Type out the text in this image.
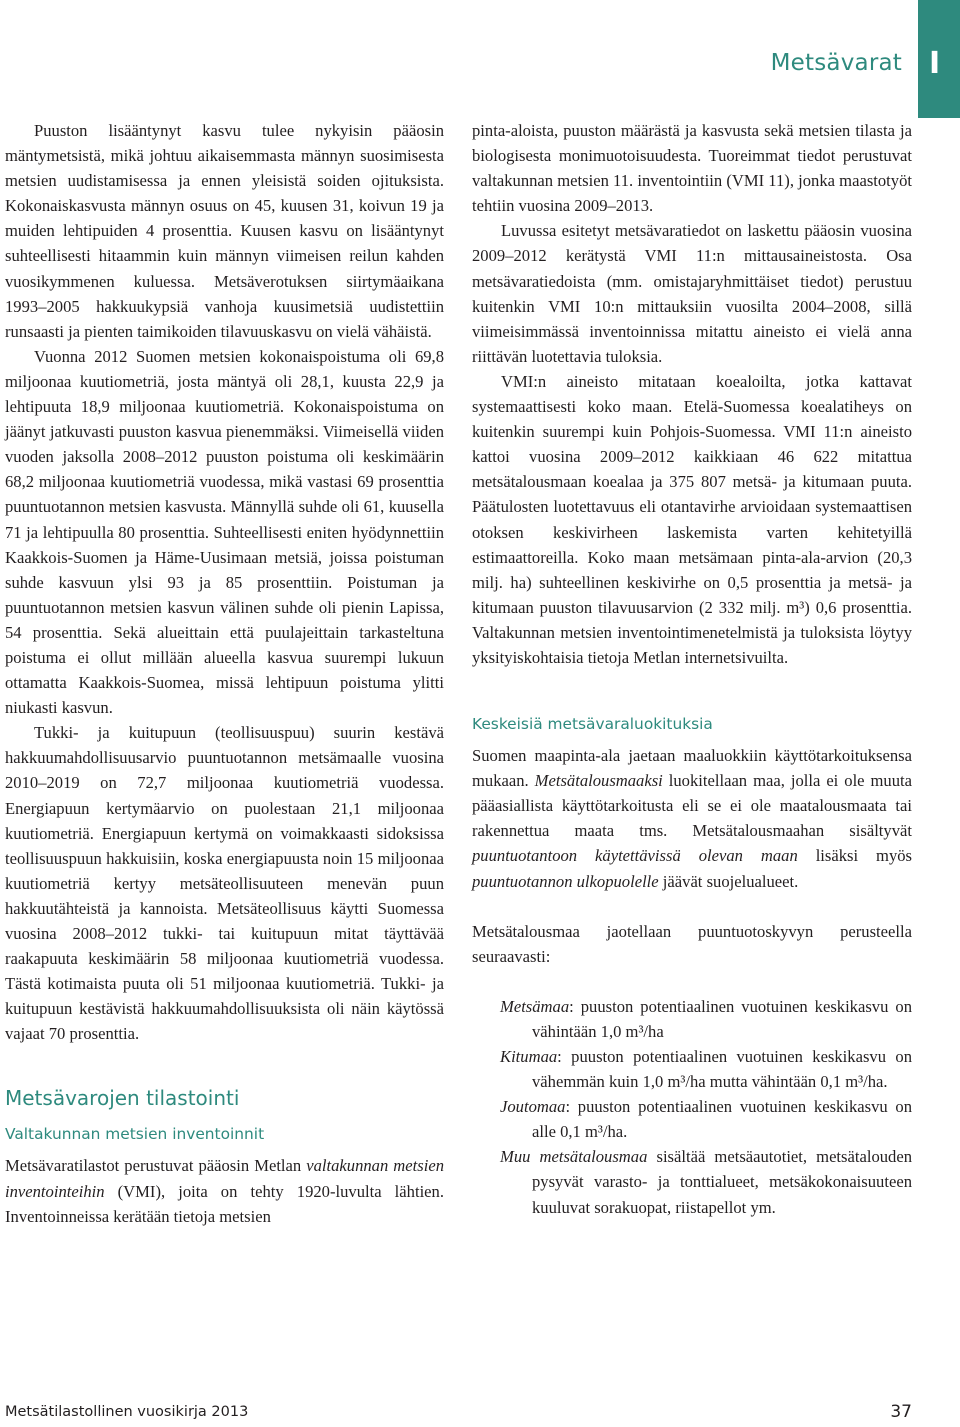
Metsävarat I

Puuston lisääntynyt kasvu tulee nykyisin pääosin mäntymetsistä, mikä johtuu aikaisemmasta männyn suosimisesta metsien uudistamisessa ja ennen yleisistä soiden ojituksista. Kokonaiskasvusta männyn osuus on 45, kuusen 31, koivun 19 ja muiden lehtipuiden 4 prosenttia. Kuusen kasvu on lisääntynyt suhteellisesti hitaammin kuin männyn viimeisen reilun kahden vuosikymmenen kuluessa. Metsäverotuksen siirtymäaikana 1993–2005 hakkuukypsiä vanhoja kuusimetsiä uudistettiin runsaasti ja pienten taimikoiden tilavuuskasvu on vielä vähäistä.

Vuonna 2012 Suomen metsien kokonaispoistuma oli 69,8 miljoonaa kuutiometriä, josta mäntyä oli 28,1, kuusta 22,9 ja lehtipuuta 18,9 miljoonaa kuutiometriä. Kokonaispoistuma on jäänyt jatkuvasti puuston kasvua pienemmäksi. Viimeisellä viiden vuoden jaksolla 2008–2012 puuston poistuma oli keskimäärin 68,2 miljoonaa kuutiometriä vuodessa, mikä vastasi 69 prosenttia puuntuotannon metsien kasvusta. Männyllä suhde oli 61, kuusella 71 ja lehtipuulla 80 prosenttia. Suhteellisesti eniten hyödynnettiin Kaakkois-Suomen ja Häme-Uusimaan metsiä, joissa poistuman suhde kasvuun ylsi 93 ja 85 prosenttiin. Poistuman ja puuntuotannon metsien kasvun välinen suhde oli pienin Lapissa, 54 prosenttia. Sekä alueittain että puulajeittain tarkasteltuna poistuma ei ollut millään alueella kasvua suurempi lukuun ottamatta Kaakkois-Suomea, missä lehtipuun poistuma ylitti niukasti kasvun.

Tukki- ja kuitupuun (teollisuuspuu) suurin kestävä hakkuumahdollisuusarvio puuntuotannon metsämaalle vuosina 2010–2019 on 72,7 miljoonaa kuutiometriä vuodessa. Energiapuun kertymäarvio on puolestaan 21,1 miljoonaa kuutiometriä. Energiapuun kertymä on voimakkaasti sidoksissa teollisuuspuun hakkuisiin, koska energiapuusta noin 15 miljoonaa kuutiometriä kertyy metsäteollisuuteen menevän puun hakkuutähteistä ja kannoista. Metsäteollisuus käytti Suomessa vuosina 2008–2012 tukki- tai kuitupuun mitat täyttävää raakapuuta keskimäärin 58 miljoonaa kuutiometriä vuodessa. Tästä kotimaista puuta oli 51 miljoonaa kuutiometriä. Tukki- ja kuitupuun kestävistä hakkuumahdollisuuksista oli näin käytössä vajaat 70 prosenttia.

Metsävarojen tilastointi
Valtakunnan metsien inventoinnit

Metsävaratilastot perustuvat pääosin Metlan valtakunnan metsien inventointeihin (VMI), joita on tehty 1920-luvulta lähtien. Inventoinneissa kerätään tietoja metsien

pinta-aloista, puuston määrästä ja kasvusta sekä metsien tilasta ja biologisesta monimuotoisuudesta. Tuoreimmat tiedot perustuvat valtakunnan metsien 11. inventointiin (VMI 11), jonka maastotyöt tehtiin vuosina 2009–2013.

Luvussa esitetyt metsävaratiedot on laskettu pääosin vuosina 2009–2012 kerätystä VMI 11:n mittausaineistosta. Osa metsävaratiedoista (mm. omistajaryhmittäiset tiedot) perustuu kuitenkin VMI 10:n mittauksiin vuosilta 2004–2008, sillä viimeisimmässä inventoinnissa mitattu aineisto ei vielä anna riittävän luotettavia tuloksia.

VMI:n aineisto mitataan koealoilta, jotka kattavat systemaattisesti koko maan. Etelä-Suomessa koealatiheys on kuitenkin suurempi kuin Pohjois-Suomessa. VMI 11:n aineisto kattoi vuosina 2009–2012 kaikkiaan 46 622 mitattua metsätalousmaan koealaa ja 375 807 metsä- ja kitumaan puuta. Päätulosten luotettavuus eli otantavirhe arvioidaan systemaattisen otoksen keskivirheen laskemista varten kehitetyillä estimaattoreilla. Koko maan metsämaan pinta-ala-arvion (20,3 milj. ha) suhteellinen keskivirhe on 0,5 prosenttia ja metsä- ja kitumaan puuston tilavuusarvion (2 332 milj. m³) 0,6 prosenttia. Valtakunnan metsien inventointimenetelmistä ja tuloksista löytyy yksityiskohtaisia tietoja Metlan internetsivuilta.

Keskeisiä metsävaraluokituksia

Suomen maapinta-ala jaetaan maaluokkiin käyttötarkoituksensa mukaan. Metsätalousmaaksi luokitellaan maa, jolla ei ole muuta pääasiallista käyttötarkoitusta eli se ei ole maatalousmaata tai rakennettua maata tms. Metsätalousmaahan sisältyvät puuntuotantoon käytettävissä olevan maan lisäksi myös puuntuotannon ulkopuolelle jäävät suojelualueet.

Metsätalousmaa jaotellaan puuntuotoskyvyn perusteella seuraavasti:

Metsämaa: puuston potentiaalinen vuotuinen keskikasvu on vähintään 1,0 m³/ha
Kitumaa: puuston potentiaalinen vuotuinen keskikasvu on vähemmän kuin 1,0 m³/ha mutta vähintään 0,1 m³/ha.
Joutomaa: puuston potentiaalinen vuotuinen keskikasvu on alle 0,1 m³/ha.
Muu metsätalousmaa sisältää metsäautotiet, metsätalouden pysyvät varasto- ja tonttialueet, metsäkokonaisuuteen kuuluvat sorakuopat, riistapellot ym.
Metsätilastollinen vuosikirja 2013	37
